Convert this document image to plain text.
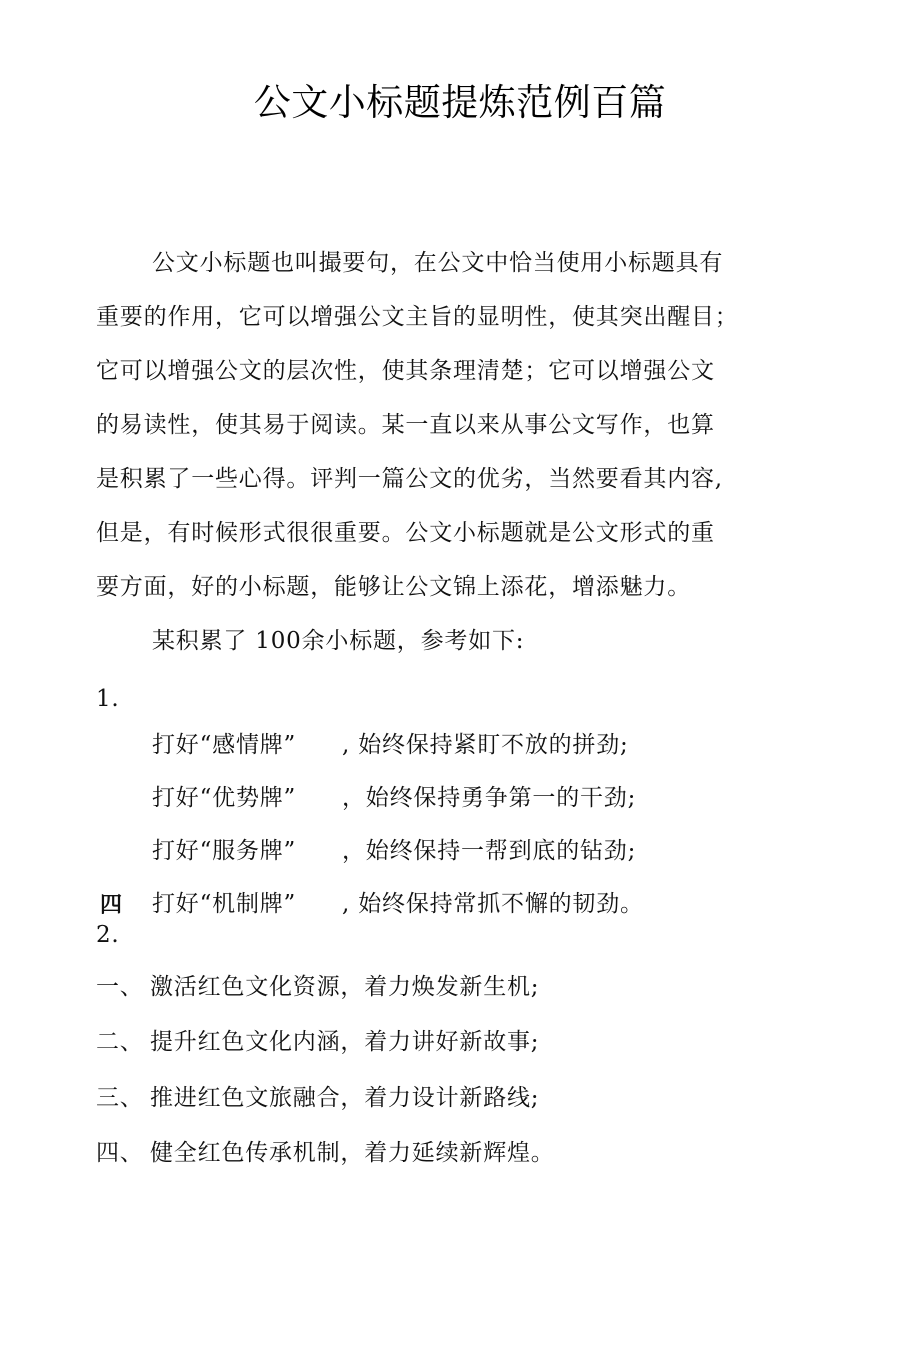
公文小标题提炼范例百篇
公文小标题也叫撮要句，在公文中恰当使用小标题具有
重要的作用，它可以增强公文主旨的显明性，使其突出醒目；
它可以增强公文的层次性，使其条理清楚；它可以增强公文
的易读性，使其易于阅读。某一直以来从事公文写作，也算
是积累了一些心得。评判一篇公文的优劣，当然要看其内容,
但是，有时候形式很很重要。公文小标题就是公文形式的重
要方面，好的小标题，能够让公文锦上添花，增添魅力。
某积累了 100余小标题，参考如下:
1.
打好“感情牌” , 始终保持紧盯不放的拼劲;
打好“优势牌” ，始终保持勇争第一的干劲;
打好“服务牌” ，始终保持一帮到底的钻劲;
打好“机制牌” , 始终保持常抓不懈的韧劲。
四
2.
一、 激活红色文化资源，着力焕发新生机;
二、 提升红色文化内涵，着力讲好新故事;
三、 推进红色文旅融合，着力设计新路线;
四、 健全红色传承机制，着力延续新辉煌。
